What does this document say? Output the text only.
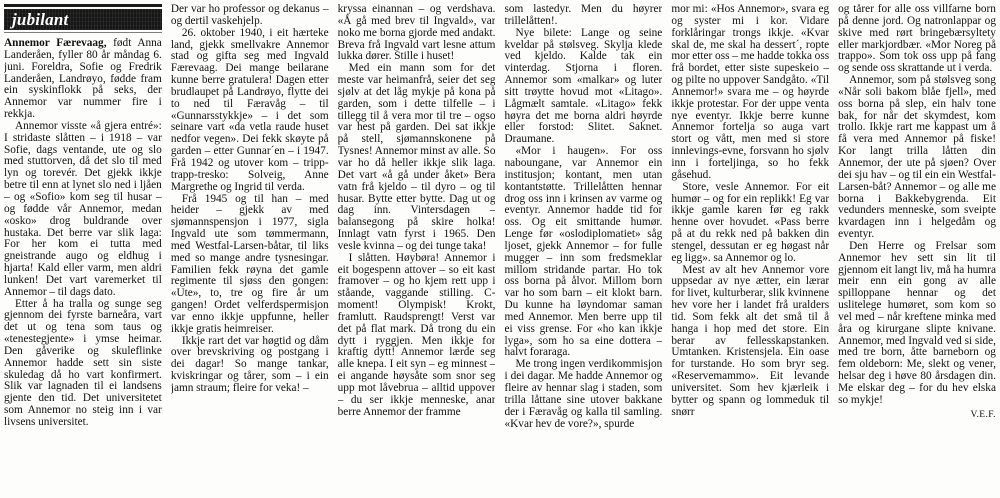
jubilant

Annemor Færevaag, født Anna Landeråen, fyller 80 år måndag 6. juni. Foreldra, Sofie og Fredrik Landeråen, Landrøyo, fødde fram ein syskinflokk på seks, der Annemor var nummer fire i rekkja.

Annemor visste «å gjera entré»: I stridaste slåtten – i 1918 – var Sofie, dags ventande, ute og slo med stuttorven, då det slo til med lyn og torevér. Det gjekk ikkje betre til enn at lynet slo ned i ljåen – og «Sofio» kom seg til husar – og fødde vår Annemor, medan «osko» drog buldrande over hustaka. Det berre var slik laga: For her kom ei tutta med gneistrande augo og eldhug i hjarta! Kald eller varm, men aldri lunken! Det vart varemerket til Annemor – til dags dato.

Etter å ha tralla og sunge seg gjennom dei fyrste barneåra, vart det ut og tena som taus og «tenestegjente» i ymse heimar. Den gåverike og skuleflinke Annemor hadde sett sin siste skuledag då ho vart konfirmert. Slik var lagnaden til ei landsens gjente den tid. Det universitetet som Annemor no steig inn i var livsens universitet.

Der var ho professor og dekanus – og dertil vaskehjelp.

26. oktober 1940, i eit hærteke land, gjekk smellvakre Annemor stad og gifta seg med Ingvald Færevaag. Dei mange beilarane kunne berre gratulera! Dagen etter brudlaupet på Landrøyo, flytte dei to ned til Færavåg – til «Gunnarsstykkje» – i det som seinare vart «da vetla raude huset nedfor vegen». Dei fekk skøyte på garden – etter Gunnar´en – i 1947. Frå 1942 og utover kom – tripp-trapp-tresko: Solveig, Anne Margrethe og Ingrid til verda.

Frå 1945 og til han – med heider – gjekk av med sjømannspensjon i 1977, sigla Ingvald ute som tømmermann, med Westfal-Larsen-båtar, til liks med so mange andre tysnesingar. Familien fekk røyna det gamle regimente til sjøss den gongen: «Ute», to, tre og fire år um gangen! Ordet velferdspermisjon var enno ikkje uppfunne, heller ikkje gratis heimreiser.

Ikkje rart det var høgtid og dåm over brevskriving og postgang i dei dagar! So mange tankar, kviskringar og tårer, som – i ein jamn straum; fleire for veka! –

kryssa einannan – og verdshava. «Å gå med brev til Ingvald», var noko me borna gjorde med andakt. Breva frå Ingvald vart lesne attum lukka dører. Stille i huset!

Med ein mann som for det meste var heimanfrå, seier det seg sjølv at det låg mykje på kona på garden, som i dette tilfelle – i tillegg til å vera mor til tre – ogso var hest på garden. Dei sat ikkje på stell, sjømannskonene på Tysnes! Annemor minst av alle. So var ho då heller ikkje slik laga. Det vart «å gå under åket» Bera vatn frå kjeldo – til dyro – og til husar. Bytte etter bytte. Dag ut og dag inn. Vintersdagen – balansegong på skire holka! Innlagt vatn fyrst i 1965. Den vesle kvinna – og dei tunge taka!

I slåtten. Høybøra! Annemor i eit bogespenn attover – so eit kast framover – og ho kjem rett upp i ståande, vaggande stilling. C-moment! Olympisk! Krokt, framlutt. Raudsprengt! Verst var det på flat mark. Då trong du ein dytt i ryggjen. Men ikkje for kraftig dytt! Annemor lærde seg alle knepa. I eit syn – eg minnest – ei angande høysåte som snor seg upp mot låvebrua – alltid uppover – du ser ikkje menneske, anar berre Annemor der framme

som lastedyr. Men du høyrer trillelåtten!.

Nye bilete: Lange og seine kveldar på stølsveg. Skylja klede ved kjeldo. Kalde tak ein vinterdag. Stjorna i floren. Annemor som «malkar» og luter sitt trøytte hovud mot «Litago». Lågmælt samtale. «Litago» fekk høyra det me borna aldri høyrde eller forstod: Slitet. Saknet. Draumane.

«Mor i haugen». For oss naboungane, var Annemor ein institusjon; kontant, men utan kontantstøtte. Trillelåtten hennar drog oss inn i krinsen av varme og eventyr. Annemor hadde tid for oss. Og eit smittande humør. Lenge før «oslodiplomatiet» såg ljoset, gjekk Annemor – for fulle mugger – inn som fredsmeklar millom stridande partar. Ho tok oss borna på ålvor. Millom born var ho som barn – eit klokt barn. Du kunne ha løyndomar saman med Annemor. Men berre upp til ei viss grense. For «ho kan ikkje lyga», som ho sa eine dottera – halvt foraraga.

Me trong ingen verdikommisjon i dei dagar. Me hadde Annemor og fleire av hennar slag i staden, som trilla låttane sine utover bakkane der i Færavåg og kalla til samling. «Kvar hev de vore?», spurde

mor mi: «Hos Annemor», svara eg og syster mi i kor. Vidare forklåringar trongs ikkje. «Kvar skal de, me skal ha dessert´, ropte mor etter oss – me hadde tokka oss frå bordet, etter siste supeskeio – og pilte no uppover Sandgåto. «Til Annemor!» svara me – og høyrde ikkje protestar. For der uppe venta nye eventyr. Ikkje berre kunne Annemor fortelja so auga vart stort og vått, men med si store innlevings-evne, forsvann ho sjølv inn i forteljinga, so ho fekk gåsehud.

Store, vesle Annemor. For eit humør – og for ein replikk! Eg var ikkje gamle karen før eg rakk henne over hovudet. «Pass berre på at du rekk ned på bakken din stengel, dessutan er eg høgast når eg ligg». sa Annemor og lo.

Mest av alt hev Annemor vore uppsedar av nye ætter, ein lærar for livet, kulturberar, slik kvinnene hev vore her i landet frå uralders tid. Som fekk alt det små til å hanga i hop med det store. Ein berar av fellesskapstanken. Umtanken. Kristensjela. Ein oase for turstande. Ho som bryr seg. «Reservemammo». Eit levande universitet. Som hev kjærleik i bytter og spann og lommeduk til snørr

og tårer for alle oss villfarne born på denne jord. Og natronlappar og skive med rørt bringebærsyltety eller markjordbær. «Mor Noreg på trappo». Som tok oss upp på fang og sende oss skrattande ut i verda.

Annemor, som på stølsveg song «Når soli bakom blåe fjell», med oss borna på slep, ein halv tone bak, for når det skymdest, kom trollo. Ikkje rart me kappast um å få vera med Annemor på fiske! Kor langt trilla låtten din Annemor, der ute på sjøen? Over dei sju hav – og til ein ein Westfal-Larsen-båt? Annemor – og alle me borna i Bakkebygrenda. Eit vedunders menneske, som sveipte kvardagen inn i helgedåm og eventyr.

Den Herre og Frelsar som Annemor hev sett sin lit til gjennom eit langt liv, må ha humra meir enn ein gong av alle spilloppane hennar og det uslitelege humøret, som kom so vel med – når kreftene minka med åra og kirurgane slipte knivane. Annemor, med Ingvald ved si side, med tre born, åtte barneborn og fem oldeborn: Me, slekt og vener, helsar deg i høve 80 årsdagen din. Me elskar deg – for du hev elska so mykje!

V.E.F.
